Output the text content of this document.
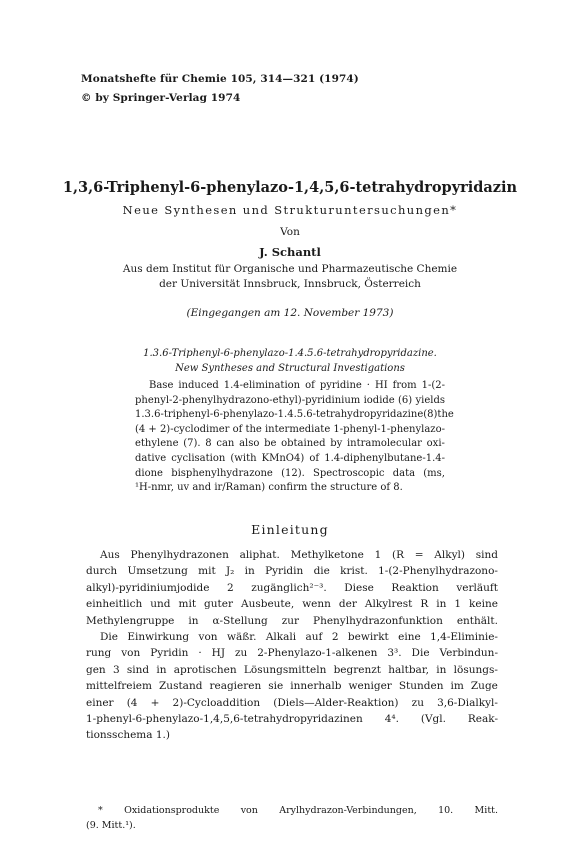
Monatshefte für Chemie 105, 314—321 (1974)
© by Springer-Verlag 1974
1,3,6-Triphenyl-6-phenylazo-1,4,5,6-tetrahydropyridazin
Neue Synthesen und Strukturuntersuchungen*
Von
J. Schantl
Aus dem Institut für Organische und Pharmazeutische Chemie
der Universität Innsbruck, Innsbruck, Österreich
(Eingegangen am 12. November 1973)
1.3.6-Triphenyl-6-phenylazo-1.4.5.6-tetrahydropyridazine.
New Syntheses and Structural Investigations
Base induced 1.4-elimination of pyridine · HI from 1-(2-
phenyl-2-phenylhydrazono-ethyl)-pyridinium iodide (6) yields
1.3.6-triphenyl-6-phenylazo-1.4.5.6-tetrahydropyridazine (8) the
(4 + 2)-cyclodimer of the intermediate 1-phenyl-1-phenylazo-
ethylene (7). 8 can also be obtained by intramolecular oxi-
dative cyclisation (with KMnO4) of 1.4-diphenylbutane-1.4-
dione bisphenylhydrazone (12). Spectroscopic data (ms,
¹H-nmr, uv and ir/Raman) confirm the structure of 8.
Einleitung
Aus Phenylhydrazonen aliphat. Methylketone 1 (R = Alkyl) sind
durch Umsetzung mit J₂ in Pyridin die krist. 1-(2-Phenylhydrazono-
alkyl)-pyridiniumjodide 2 zugänglich²⁻³. Diese Reaktion verläuft
einheitlich und mit guter Ausbeute, wenn der Alkylrest R in 1 keine
Methylengruppe in α-Stellung zur Phenylhydrazonfunktion enthält.
Die Einwirkung von wäßr. Alkali auf 2 bewirkt eine 1,4-Eliminie-
rung von Pyridin · HJ zu 2-Phenylazo-1-alkenen 3³. Die Verbindun-
gen 3 sind in aprotischen Lösungsmitteln begrenzt haltbar, in lösungs-
mittelfreiem Zustand reagieren sie innerhalb weniger Stunden im Zuge
einer (4 + 2)-Cycloaddition (Diels—Alder-Reaktion) zu 3,6-Dialkyl-
1-phenyl-6-phenylazo-1,4,5,6-tetrahydropyridazinen 4⁴. (Vgl. Reak-
tionsschema 1.)
* Oxidationsprodukte von Arylhydrazon-Verbindungen, 10. Mitt.
(9. Mitt.¹).
